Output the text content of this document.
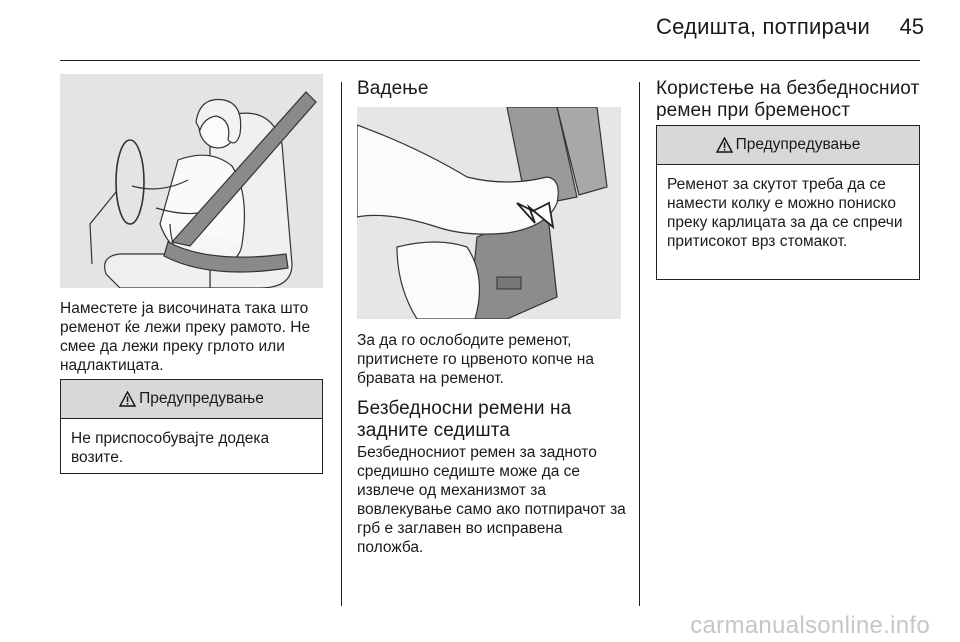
Седишта, потпирачи	45

Наместете ја височината така што ременот ќе лежи преку рамото. Не смее да лежи преку грлото или надлактицата.

Предупредување
Не приспособувајте додека возите.
Вадење

За да го ослободите ременот, притиснете го црвеното копче на бравата на ременот.

Безбедносни ремени на задните седишта

Безбедносниот ремен за задното средишно седиште може да се извлече од механизмот за вовлекување само ако потпирачот за грб е заглавен во исправена положба.

Користење на безбедносниот ремен при бременост
Предупредување
Ременот за скутот треба да се намести колку е можно пониско преку карлицата за да се спречи притисокот врз стомакот.
carmanualsonline.info
